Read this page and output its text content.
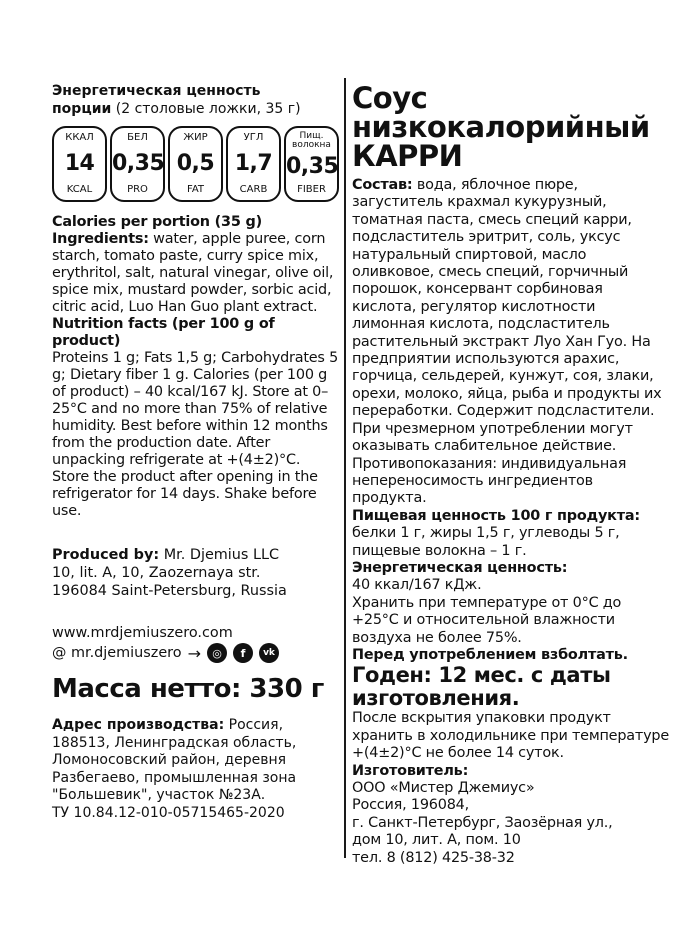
Энергетическая ценность
порции (2 столовые ложки, 35 г)
ККАЛ
14
KCAL
БЕЛ
0,35
PRO
ЖИР
0,5
FAT
УГЛ
1,7
CARB
Пищ. волокна
0,35
FIBER

Calories per portion (35 g)

Ingredients: water, apple puree, corn starch, tomato paste, curry spice mix, erythritol, salt, natural vinegar, olive oil, spice mix, mustard powder, sorbic acid, citric acid, Luo Han Guo plant extract.

Nutrition facts (per 100 g of product)

Proteins 1 g; Fats 1,5 g; Carbohydrates 5 g; Dietary fiber 1 g. Calories (per 100 g of product) – 40 kcal/167 kJ. Store at 0–25°C and no more than 75% of relative humidity. Best before within 12 months from the production date. After unpacking refrigerate at +(4±2)°C. Store the product after opening in the refrigerator for 14 days. Shake before use.

Produced by: Mr. Djemius LLC
10, lit. A, 10, Zaozernaya str.
196084 Saint-Petersburg, Russia
www.mrdjemiuszero.com
@ mr.djemiuszero →	◎	f	vk
Масса нетто: 330 г
Адрес производства: Россия, 188513, Ленинградская область, Ломоносовский район, деревня Разбегаево, промышленная зона "Большевик", участок №23А.
ТУ 10.84.12-010-05715465-2020
Соус
низкокалорийный
КАРРИ
Состав: вода, яблочное пюре, загуститель крахмал кукурузный, томатная паста, смесь специй карри, подсластитель эритрит, соль, уксус натуральный спиртовой, масло оливковое, смесь специй, горчичный порошок, консервант сорбиновая кислота, регулятор кислотности лимонная кислота, подсластитель растительный экстракт Луо Хан Гуо. На предприятии используются арахис, горчица, сельдерей, кунжут, соя, злаки, орехи, молоко, яйца, рыба и продукты их переработки. Содержит подсластители. При чрезмерном употреблении могут оказывать слабительное действие. Противопоказания: индивидуальная непереносимость ингредиентов продукта.
Пищевая ценность 100 г продукта:
белки 1 г, жиры 1,5 г, углеводы 5 г, пищевые волокна – 1 г.
Энергетическая ценность:
40 ккал/167 кДж.
Хранить при температуре от 0°С до +25°С и относительной влажности воздуха не более 75%.
Перед употреблением взболтать.
Годен: 12 мес. с даты изготовления.
После вскрытия упаковки продукт хранить в холодильнике при температуре +(4±2)°С не более 14 суток.
Изготовитель:
ООО «Мистер Джемиус»
Россия, 196084,
г. Санкт-Петербург, Заозёрная ул.,
дом 10, лит. А, пом. 10
тел. 8 (812) 425-38-32
